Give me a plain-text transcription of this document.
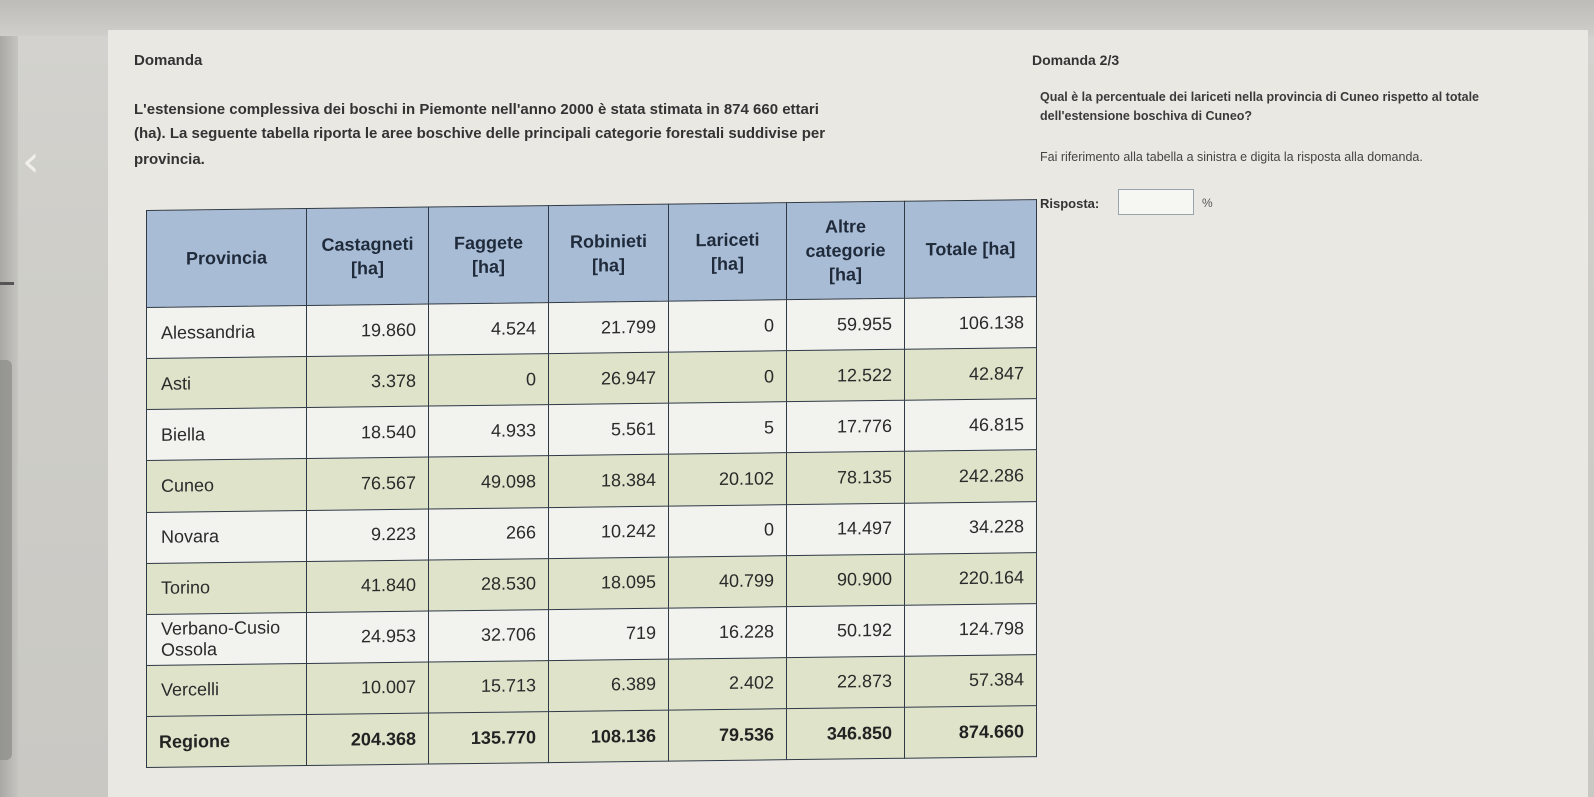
‹
Domanda	Domanda 2/3
L'estensione complessiva dei boschi in Piemonte nell'anno 2000 è stata stimata in 874 660 ettari
(ha). La seguente tabella riporta le aree boschive delle principali categorie forestali suddivise per
provincia.
Qual è la percentuale dei lariceti nella provincia di Cuneo rispetto al totale dell'estensione boschiva di Cuneo?
Fai riferimento alla tabella a sinistra e digita la risposta alla domanda.
Risposta:	%
Provincia	Castagneti [ha]	Faggete [ha]	Robinieti [ha]	Lariceti [ha]	Altre categorie [ha]	Totale [ha]

Alessandria	19.860	4.524	21.799	0	59.955	106.138
Asti	3.378	0	26.947	0	12.522	42.847
Biella	18.540	4.933	5.561	5	17.776	46.815
Cuneo	76.567	49.098	18.384	20.102	78.135	242.286
Novara	9.223	266	10.242	0	14.497	34.228
Torino	41.840	28.530	18.095	40.799	90.900	220.164
Verbano-Cusio Ossola	24.953	32.706	719	16.228	50.192	124.798
Vercelli	10.007	15.713	6.389	2.402	22.873	57.384
Regione	204.368	135.770	108.136	79.536	346.850	874.660
